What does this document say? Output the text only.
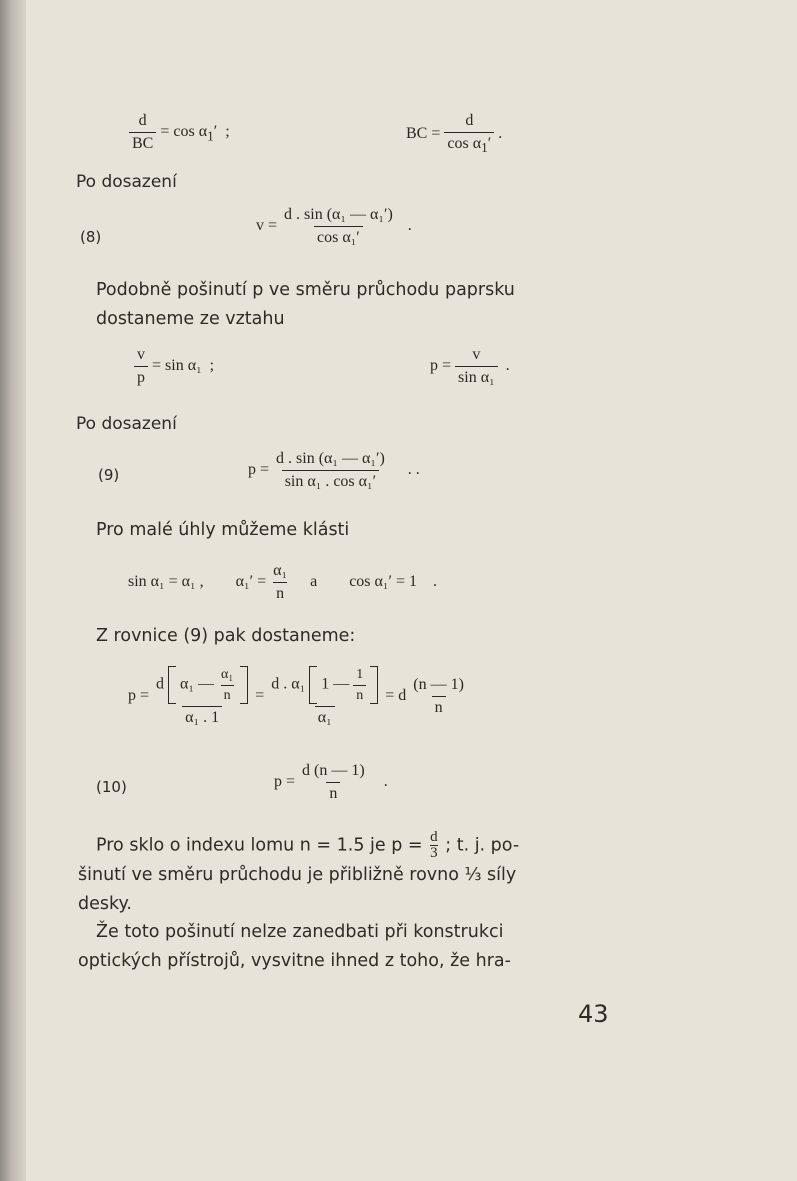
$\frac{d}{BC} = \cos \alpha_1'$ ;	BC = $\frac{d}{\cos \alpha_1'}$ .
Po dosazení
(8)
$v = \frac{\text{d . sin (α₁ — α₁′)}}{\text{cos α₁′}}$ .
Podobně pošinutí p ve směru průchodu paprsku
dostaneme ze vztahu
$\frac{v}{p} = \sin \alpha_1$ ;	$p = \frac{v}{\text{sin α₁}}$ .
Po dosazení
(9)	$p = \frac{\text{d . sin (α₁ — α₁′)}}{\text{sin α₁ . cos α₁′}}$ . .
Pro malé úhly můžeme klásti
sin α₁ = α₁ , $\alpha_1' = \frac{\text{α₁}}{n}$ a cos α₁′ = 1 .
Z rovnice (9) pak dostaneme:
$p = \frac{d \alpha_1 — \frac{\text{α₁}}{n}}{\text{α₁ . 1}} = \frac{d . \alpha_1 1 — \frac{1}{n}}{\text{α₁}} = d \frac{(n — 1)}{n}$
(10)	$p = \frac{d (n — 1)}{n}$ .
Pro sklo o indexu lomu n = 1.5 je $p = \frac{d}{3}$ ; t. j. po-
šinutí ve směru průchodu je přibližně rovno ⅓ síly
desky.
Že toto pošinutí nelze zanedbati při konstrukci
optických přístrojů, vysvitne ihned z toho, že hra-
43
